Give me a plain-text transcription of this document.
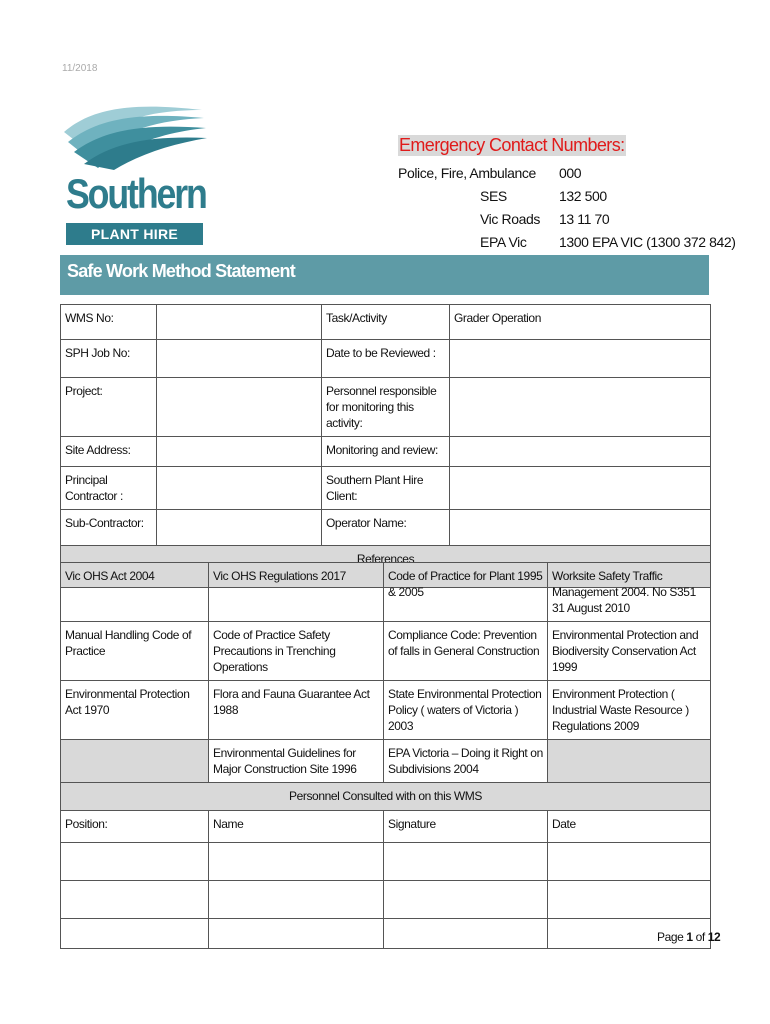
11/2018
Southern
PLANT HIRE
Emergency Contact Numbers:
Police, Fire, Ambulance 000
SES	132 500
Vic Roads 13 11 70
EPA Vic 1300 EPA VIC (1300 372 842)
Safe Work Method Statement
WMS No:		Task/Activity	Grader Operation
SPH Job No:		Date to be Reviewed :	
Project:		Personnel responsible for monitoring this activity:	
Site Address:		Monitoring and review:	
Principal Contractor :		Southern Plant Hire Client:	
Sub-Contractor:		Operator Name:	
References			
Vic OHS Act 2004	Vic OHS Regulations 2017	Code of Practice for Plant 1995 & 2005	Worksite Safety Traffic Management 2004. No S351 31 August 2010
Manual Handling Code of Practice	Code of Practice Safety Precautions in Trenching Operations	Compliance Code: Prevention of falls in General Construction	Environmental Protection and Biodiversity Conservation Act 1999
Environmental Protection Act 1970	Flora and Fauna Guarantee Act 1988	State Environmental Protection Policy ( waters of Victoria ) 2003	Environment Protection ( Industrial Waste Resource ) Regulations 2009
	Environmental Guidelines for Major Construction Site 1996	EPA Victoria – Doing it Right on Subdivisions 2004	
Personnel Consulted with on this WMS			
Position:	Name	Signature	Date

Page 1 of 12
